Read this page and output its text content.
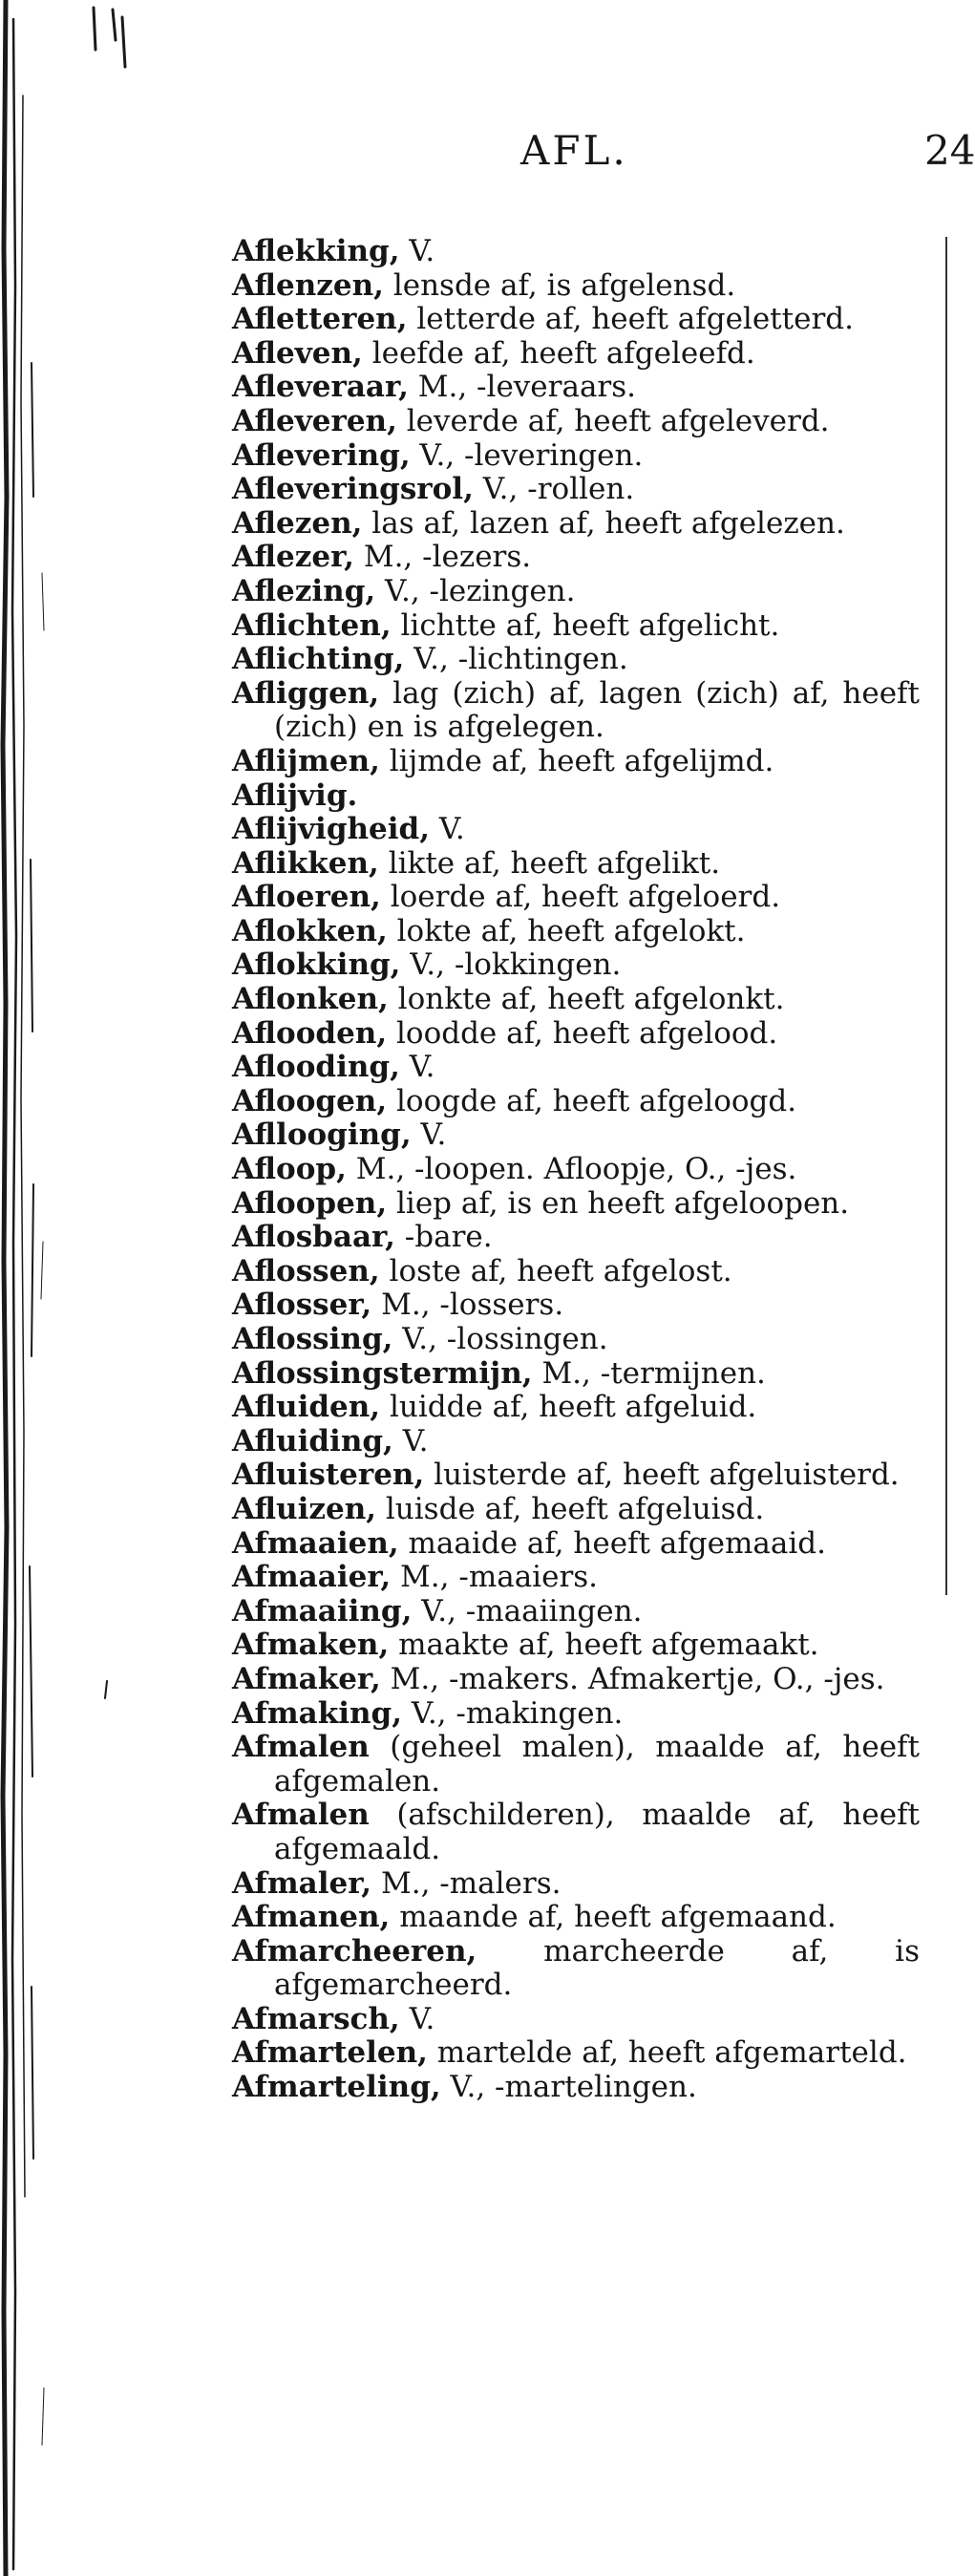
AFL.	24
Aflekking, V.
Aflenzen, lensde af, is afgelensd.
Afletteren, letterde af, heeft afgeletterd.
Afleven, leefde af, heeft afgeleefd.
Afleveraar, M., -leveraars.
Afleveren, leverde af, heeft afgeleverd.
Aflevering, V., -leveringen.
Afleveringsrol, V., -rollen.
Aflezen, las af, lazen af, heeft afgelezen.
Aflezer, M., -lezers.
Aflezing, V., -lezingen.
Aflichten, lichtte af, heeft afgelicht.
Aflichting, V., -lichtingen.
Afliggen, lag (zich) af, lagen (zich) af, heeft (zich) en is afgelegen.
Aflijmen, lijmde af, heeft afgelijmd.
Aflijvig.
Aflijvigheid, V.
Aflikken, likte af, heeft afgelikt.
Afloeren, loerde af, heeft afgeloerd.
Aflokken, lokte af, heeft afgelokt.
Aflokking, V., -lokkingen.
Aflonken, lonkte af, heeft afgelonkt.
Aflooden, loodde af, heeft afgelood.
Aflooding, V.
Afloogen, loogde af, heeft afgeloogd.
Afllooging, V.
Afloop, M., -loopen. Afloopje, O., -jes.
Afloopen, liep af, is en heeft afgeloopen.
Aflosbaar, -bare.
Aflossen, loste af, heeft afgelost.
Aflosser, M., -lossers.
Aflossing, V., -lossingen.
Aflossingstermijn, M., -termijnen.
Afluiden, luidde af, heeft afgeluid.
Afluiding, V.
Afluisteren, luisterde af, heeft afgeluisterd.
Afluizen, luisde af, heeft afgeluisd.
Afmaaien, maaide af, heeft afgemaaid.
Afmaaier, M., -maaiers.
Afmaaiing, V., -maaiingen.
Afmaken, maakte af, heeft afgemaakt.
Afmaker, M., -makers. Afmakertje, O., -jes.
Afmaking, V., -makingen.
Afmalen (geheel malen), maalde af, heeft afgemalen.
Afmalen (afschilderen), maalde af, heeft afgemaald.
Afmaler, M., -malers.
Afmanen, maande af, heeft afgemaand.
Afmarcheeren, marcheerde af, is afgemarcheerd.
Afmarsch, V.
Afmartelen, martelde af, heeft afgemarteld.
Afmarteling, V., -martelingen.
